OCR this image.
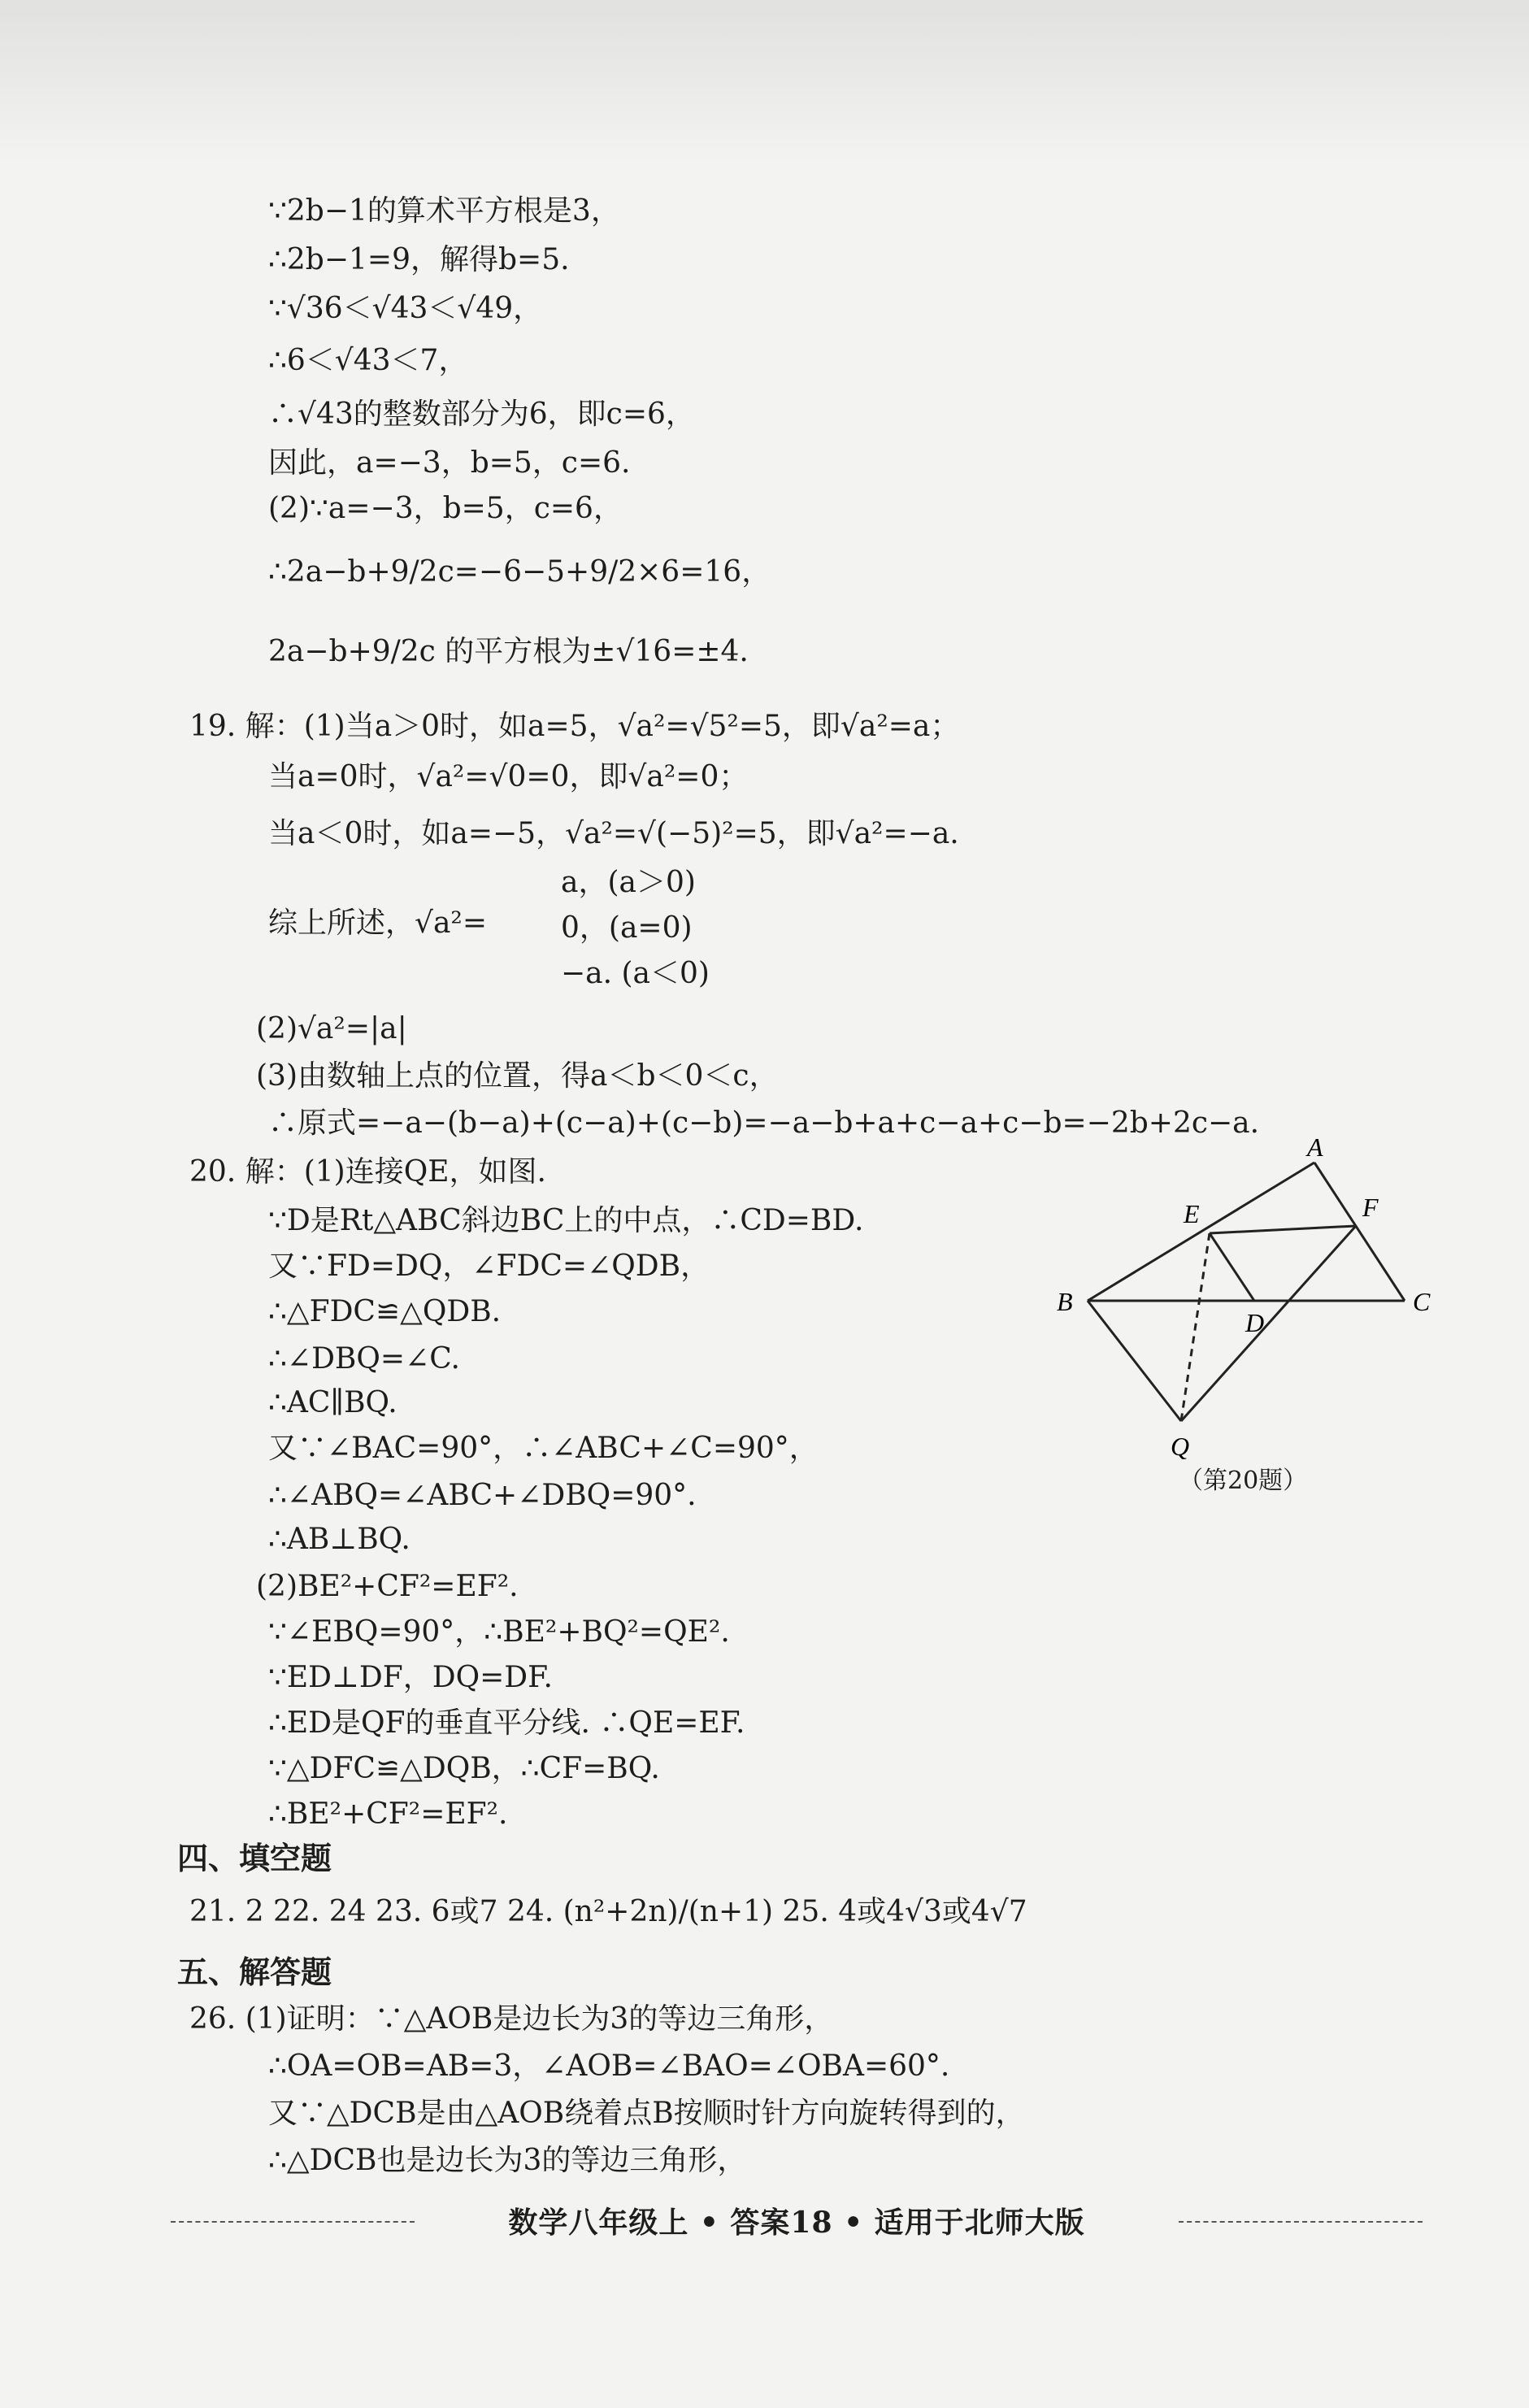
∵2b−1的算术平方根是3，
∴2b−1=9，解得b=5.
∵√36＜√43＜√49，
∴6＜√43＜7，
∴√43的整数部分为6，即c=6，
因此，a=−3，b=5，c=6.
(2)∵a=−3，b=5，c=6，
∴2a−b+9/2c=−6−5+9/2×6=16，
2a−b+9/2c 的平方根为±√16=±4.
19. 解：(1)当a＞0时，如a=5，√a²=√5²=5，即√a²=a；
当a=0时，√a²=√0=0，即√a²=0；
当a＜0时，如a=−5，√a²=√(−5)²=5，即√a²=−a.
a，(a＞0)
综上所述，√a²=	0，(a=0)
−a. (a＜0)
(2)√a²=|a|
(3)由数轴上点的位置，得a＜b＜0＜c，
∴原式=−a−(b−a)+(c−a)+(c−b)=−a−b+a+c−a+c−b=−2b+2c−a.
20. 解：(1)连接QE，如图.
∵D是Rt△ABC斜边BC上的中点，∴CD=BD.
又∵FD=DQ，∠FDC=∠QDB，
∴△FDC≌△QDB.
∴∠DBQ=∠C.
∴AC∥BQ.
又∵∠BAC=90°，∴∠ABC+∠C=90°，
∴∠ABQ=∠ABC+∠DBQ=90°.
∴AB⊥BQ.
(2)BE²+CF²=EF².
∵∠EBQ=90°，∴BE²+BQ²=QE².
∵ED⊥DF，DQ=DF.
∴ED是QF的垂直平分线. ∴QE=EF.
∵△DFC≌△DQB，∴CF=BQ.
∴BE²+CF²=EF².
四、填空题
21. 2 22. 24 23. 6或7 24. (n²+2n)/(n+1) 25. 4或4√3或4√7
五、解答题
26. (1)证明：∵△AOB是边长为3的等边三角形，
∴OA=OB=AB=3，∠AOB=∠BAO=∠OBA=60°.
又∵△DCB是由△AOB绕着点B按顺时针方向旋转得到的，
∴△DCB也是边长为3的等边三角形，
A
B	C
D
E	F
Q
（第20题）
数学八年级上 • 答案18 • 适用于北师大版
